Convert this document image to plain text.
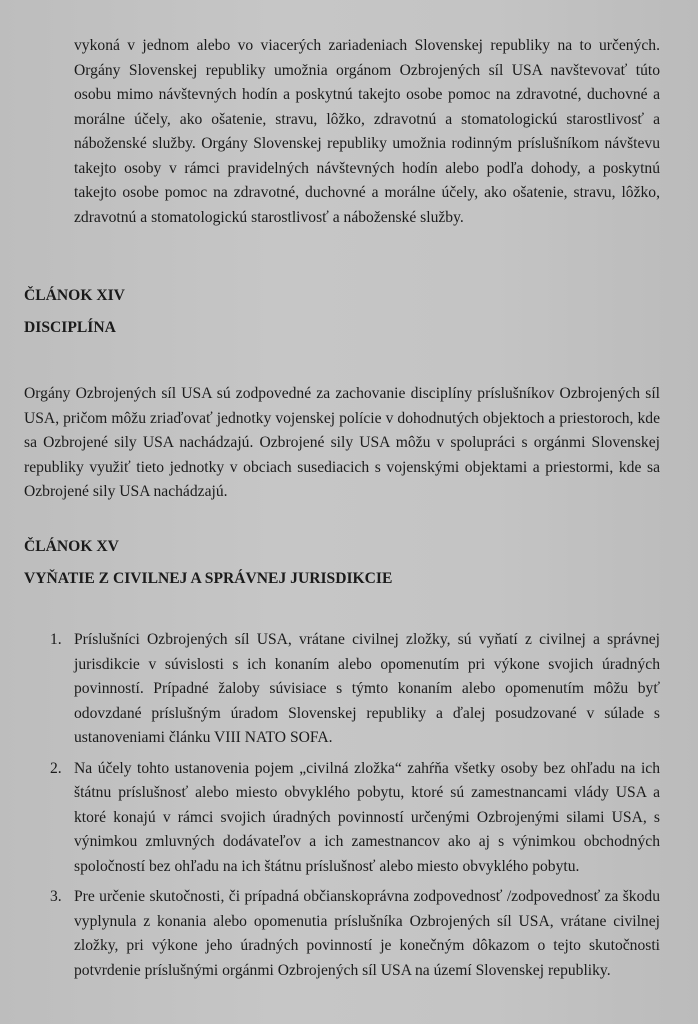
vykoná v jednom alebo vo viacerých zariadeniach Slovenskej republiky na to určených. Orgány Slovenskej republiky umožnia orgánom Ozbrojených síl USA navštevovať túto osobu mimo návštevných hodín a poskytnú takejto osobe pomoc na zdravotné, duchovné a morálne účely, ako ošatenie, stravu, lôžko, zdravotnú a stomatologickú starostlivosť a náboženské služby. Orgány Slovenskej republiky umožnia rodinným príslušníkom návštevu takejto osoby v rámci pravidelných návštevných hodín alebo podľa dohody, a poskytnú takejto osobe pomoc na zdravotné, duchovné a morálne účely, ako ošatenie, stravu, lôžko, zdravotnú a stomatologickú starostlivosť a náboženské služby.

ČLÁNOK XIV
DISCIPLÍNA

Orgány Ozbrojených síl USA sú zodpovedné za zachovanie disciplíny príslušníkov Ozbrojených síl USA, pričom môžu zriaďovať jednotky vojenskej polície v dohodnutých objektoch a priestoroch, kde sa Ozbrojené sily USA nachádzajú. Ozbrojené sily USA môžu v spolupráci s orgánmi Slovenskej republiky využiť tieto jednotky v obciach susediacich s vojenskými objektami a priestormi, kde sa Ozbrojené sily USA nachádzajú.

ČLÁNOK XV
VYŇATIE Z CIVILNEJ A SPRÁVNEJ JURISDIKCIE
1. Príslušníci Ozbrojených síl USA, vrátane civilnej zložky, sú vyňatí z civilnej a správnej jurisdikcie v súvislosti s ich konaním alebo opomenutím pri výkone svojich úradných povinností. Prípadné žaloby súvisiace s týmto konaním alebo opomenutím môžu byť odovzdané príslušným úradom Slovenskej republiky a ďalej posudzované v súlade s ustanoveniami článku VIII NATO SOFA.
2. Na účely tohto ustanovenia pojem „civilná zložka“ zahŕňa všetky osoby bez ohľadu na ich štátnu príslušnosť alebo miesto obvyklého pobytu, ktoré sú zamestnancami vlády USA a ktoré konajú v rámci svojich úradných povinností určenými Ozbrojenými silami USA, s výnimkou zmluvných dodávateľov a ich zamestnancov ako aj s výnimkou obchodných spoločností bez ohľadu na ich štátnu príslušnosť alebo miesto obvyklého pobytu.
3. Pre určenie skutočnosti, či prípadná občianskoprávna zodpovednosť /zodpovednosť za škodu vyplynula z konania alebo opomenutia príslušníka Ozbrojených síl USA, vrátane civilnej zložky, pri výkone jeho úradných povinností je konečným dôkazom o tejto skutočnosti potvrdenie príslušnými orgánmi Ozbrojených síl USA na území Slovenskej republiky.
